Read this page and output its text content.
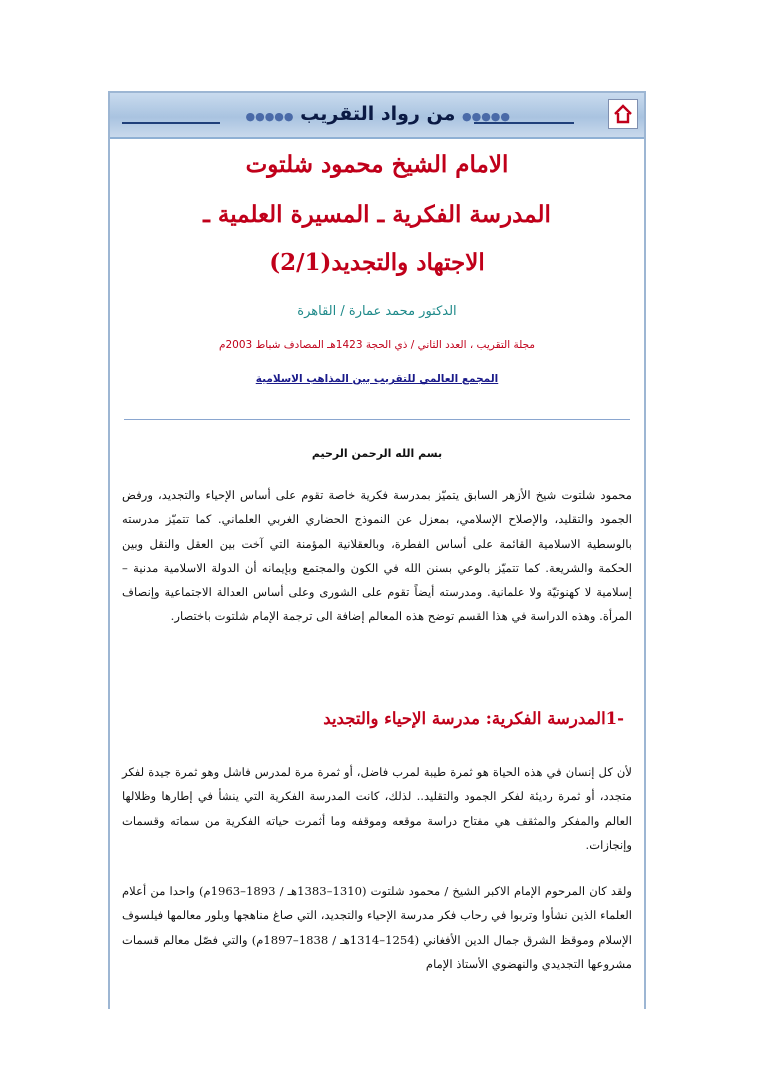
●●●●● من رواد التقريب ●●●●●
الامام الشيخ محمود شلتوت
المدرسة الفكرية ـ المسيرة العلمية ـ
الاجتهاد والتجديد(2/1)
الدكتور محمد عمارة / القاهرة
مجلة التقريب ، العدد الثاني / ذي الحجة 1423هـ المصادف شباط 2003م
المجمع العالمي للتقريب بين المذاهب الاسلامية
بسم الله الرحمن الرحيم
محمود شلتوت شيخ الأزهر السابق يتميّز بمدرسة فكرية خاصة تقوم على أساس الإحياء والتجديد، ورفض الجمود والتقليد، والإصلاح الإسلامي، بمعزل عن النموذج الحضاري الغربي العلماني. كما تتميّز مدرسته بالوسطية الاسلامية القائمة على أساس الفطرة، وبالعقلانية المؤمنة التي آخت بين العقل والنقل وبين الحكمة والشريعة. كما تتميّز بالوعي بسنن الله في الكون والمجتمع وبإيمانه أن الدولة الاسلامية مدنية – إسلامية لا كهنوتيّة ولا علمانية. ومدرسته أيضاً تقوم على الشورى وعلى أساس العدالة الاجتماعية وإنصاف المرأة. وهذه الدراسة في هذا القسم توضح هذه المعالم إضافة الى ترجمة الإمام شلتوت باختصار.
-1المدرسة الفكرية: مدرسة الإحياء والتجديد
لأن كل إنسان في هذه الحياة هو ثمرة طيبة لمرب فاضل، أو ثمرة مرة لمدرس فاشل وهو ثمرة جيدة لفكر متجدد، أو ثمرة رديئة لفكر الجمود والتقليد.. لذلك، كانت المدرسة الفكرية التي ينشأ في إطارها وظلالها العالم والمفكر والمثقف هي مفتاح دراسة موقعه وموقفه وما أثمرت حياته الفكرية من سماته وقسمات وإنجازات.
ولقد كان المرحوم الإمام الاكبر الشيخ / محمود شلتوت (1310–1383هـ / 1893–1963م) واحدا من أعلام العلماء الذين نشأوا وتربوا في رحاب فكر مدرسة الإحياء والتجديد، التي صاغ مناهجها وبلور معالمها فيلسوف الإسلام وموقظ الشرق جمال الدين الأفغاني (1254–1314هـ / 1838–1897م) والتي فصّل معالم قسمات مشروعها التجديدي والنهضوي الأستاذ الإمام
